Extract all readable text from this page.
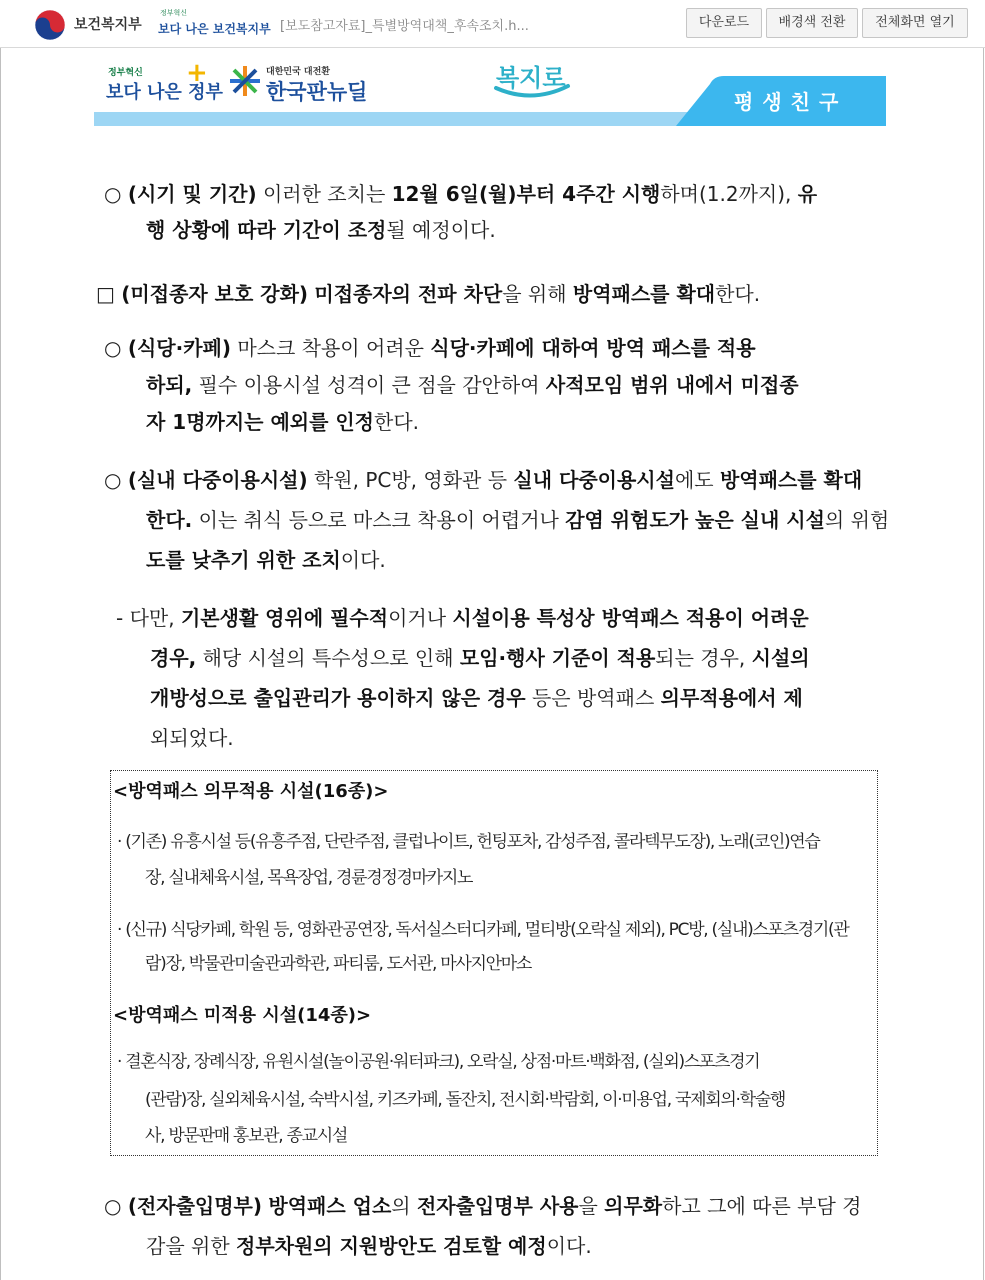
보건복지부
정부혁신
보다 나은 보건복지부 [보도참고자료]_특별방역대책_후속조치.h...	다운로드	배경색 전환	전체화면 열기
정부혁신
보다 나은 정부
+	대한민국 대전환
한국판뉴딜	복지로
평생친구
○ (시기 및 기간) 이러한 조치는 12월 6일(월)부터 4주간 시행하며(1.2까지), 유
행 상황에 따라 기간이 조정될 예정이다.
□ (미접종자 보호 강화) 미접종자의 전파 차단을 위해 방역패스를 확대한다.
○ (식당·카페) 마스크 착용이 어려운 식당·카페에 대하여 방역 패스를 적용
하되, 필수 이용시설 성격이 큰 점을 감안하여 사적모임 범위 내에서 미접종
자 1명까지는 예외를 인정한다.
○ (실내 다중이용시설) 학원, PC방, 영화관 등 실내 다중이용시설에도 방역패스를 확대
한다. 이는 취식 등으로 마스크 착용이 어렵거나 감염 위험도가 높은 실내 시설의 위험
도를 낮추기 위한 조치이다.
- 다만, 기본생활 영위에 필수적이거나 시설이용 특성상 방역패스 적용이 어려운
경우, 해당 시설의 특수성으로 인해 모임·행사 기준이 적용되는 경우, 시설의
개방성으로 출입관리가 용이하지 않은 경우 등은 방역패스 의무적용에서 제
외되었다.
<방역패스 의무적용 시설(16종)>
· (기존) 유흥시설 등(유흥주점, 단란주점, 클럽나이트, 헌팅포차, 감성주점, 콜라텍무도장), 노래(코인)연습
장, 실내체육시설, 목욕장업, 경륜경정경마카지노
· (신규) 식당카페, 학원 등, 영화관공연장, 독서실스터디카페, 멀티방(오락실 제외), PC방, (실내)스포츠경기(관
람)장, 박물관미술관과학관, 파티룸, 도서관, 마사지안마소
<방역패스 미적용 시설(14종)>
· 결혼식장, 장례식장, 유원시설(놀이공원·워터파크), 오락실, 상점·마트·백화점, (실외)스포츠경기
(관람)장, 실외체육시설, 숙박시설, 키즈카페, 돌잔치, 전시회·박람회, 이·미용업, 국제회의·학술행
사, 방문판매 홍보관, 종교시설
○ (전자출입명부) 방역패스 업소의 전자출입명부 사용을 의무화하고 그에 따른 부담 경
감을 위한 정부차원의 지원방안도 검토할 예정이다.
